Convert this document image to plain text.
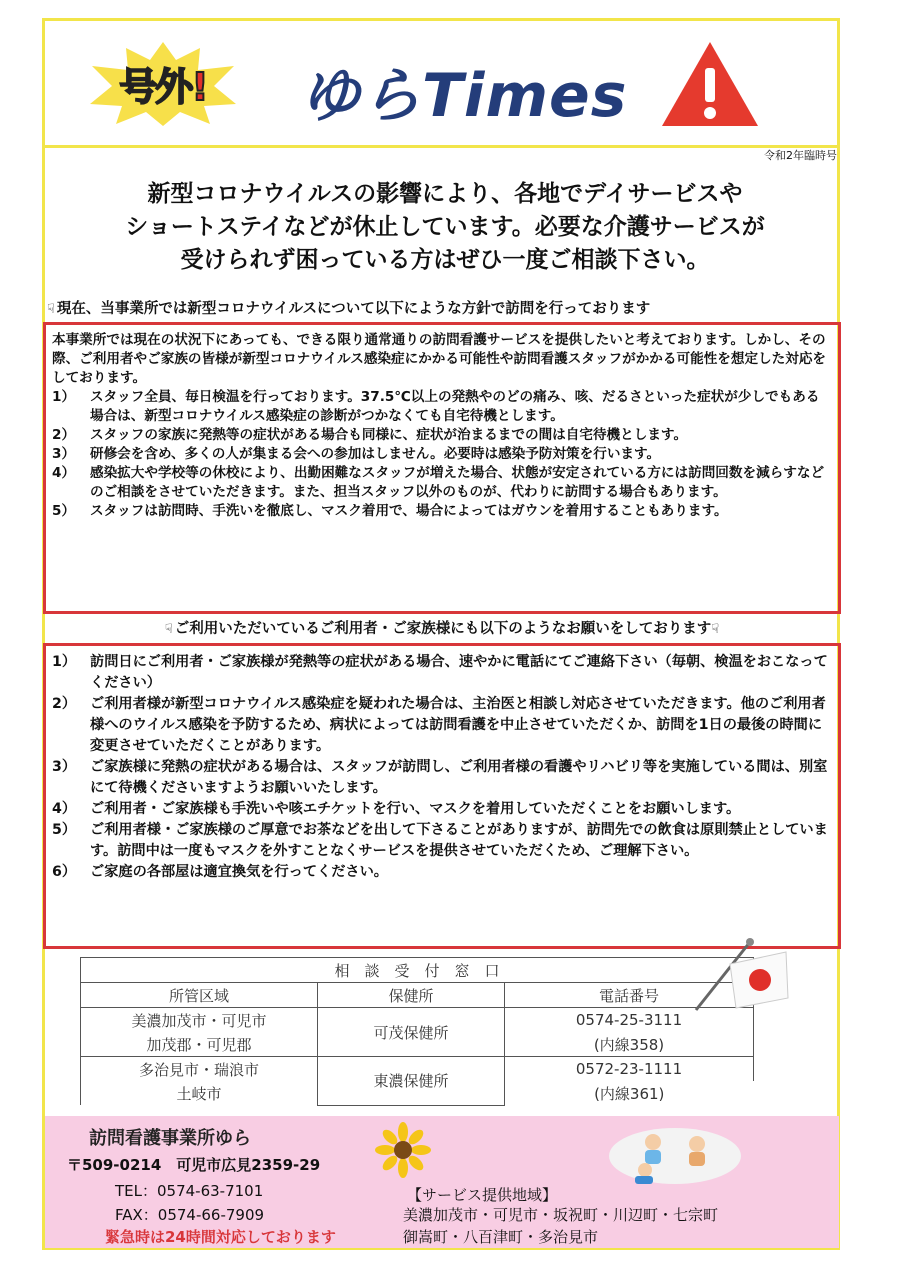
号外!	ゆらTimes
令和2年臨時号
新型コロナウイルスの影響により、各地でデイサービスや
ショートステイなどが休止しています。必要な介護サービスが
受けられず困っている方はぜひ一度ご相談下さい。
☟ 現在、当事業所では新型コロナウイルスについて以下にような方針で訪問を行っております

本事業所では現在の状況下にあっても、できる限り通常通りの訪問看護サービスを提供したいと考えております。しかし、その際、ご利用者やご家族の皆様が新型コロナウイルス感染症にかかる可能性や訪問看護スタッフがかかる可能性を想定した対応をしております。

1）	スタッフ全員、毎日検温を行っております。37.5℃以上の発熱やのどの痛み、咳、だるさといった症状が少しでもある場合は、新型コロナウイルス感染症の診断がつかなくても自宅待機とします。
2）	スタッフの家族に発熱等の症状がある場合も同様に、症状が治まるまでの間は自宅待機とします。
3）	研修会を含め、多くの人が集まる会への参加はしません。必要時は感染予防対策を行います。
4）	感染拡大や学校等の休校により、出勤困難なスタッフが増えた場合、状態が安定されている方には訪問回数を減らすなどのご相談をさせていただきます。また、担当スタッフ以外のものが、代わりに訪問する場合もあります。
5）	スタッフは訪問時、手洗いを徹底し、マスク着用で、場合によってはガウンを着用することもあります。
☟ ご利用いただいているご利用者・ご家族様にも以下のようなお願いをしております☟
1） 訪問日にご利用者・ご家族様が発熱等の症状がある場合、速やかに電話にてご連絡下さい（毎朝、検温をおこなってください）
2） ご利用者様が新型コロナウイルス感染症を疑われた場合は、主治医と相談し対応させていただきます。他のご利用者様へのウイルス感染を予防するため、病状によっては訪問看護を中止させていただくか、訪問を1日の最後の時間に変更させていただくことがあります。
3） ご家族様に発熱の症状がある場合は、スタッフが訪問し、ご利用者様の看護やリハビリ等を実施している間は、別室にて待機くださいますようお願いいたします。
4） ご利用者・ご家族様も手洗いや咳エチケットを行い、マスクを着用していただくことをお願いします。
5） ご利用者様・ご家族様のご厚意でお茶などを出して下さることがありますが、訪問先での飲食は原則禁止としています。訪問中は一度もマスクを外すことなくサービスを提供させていただくため、ご理解下さい。
6） ご家庭の各部屋は適宜換気を行ってください。
相　談　受　付　窓　口		
所管区域	保健所	電話番号
美濃加茂市・可児市	可茂保健所	0574-25-3111
加茂郡・可児郡		(内線358)
多治見市・瑞浪市	東濃保健所	0572-23-1111
土岐市		(内線361)
訪問看護事業所ゆら
〒509-0214　可児市広見2359-29
TEL：0574-63-7101
FAX：0574-66-7909
緊急時は24時間対応しております
【サービス提供地域】
美濃加茂市・可児市・坂祝町・川辺町・七宗町
御嵩町・八百津町・多治見市
